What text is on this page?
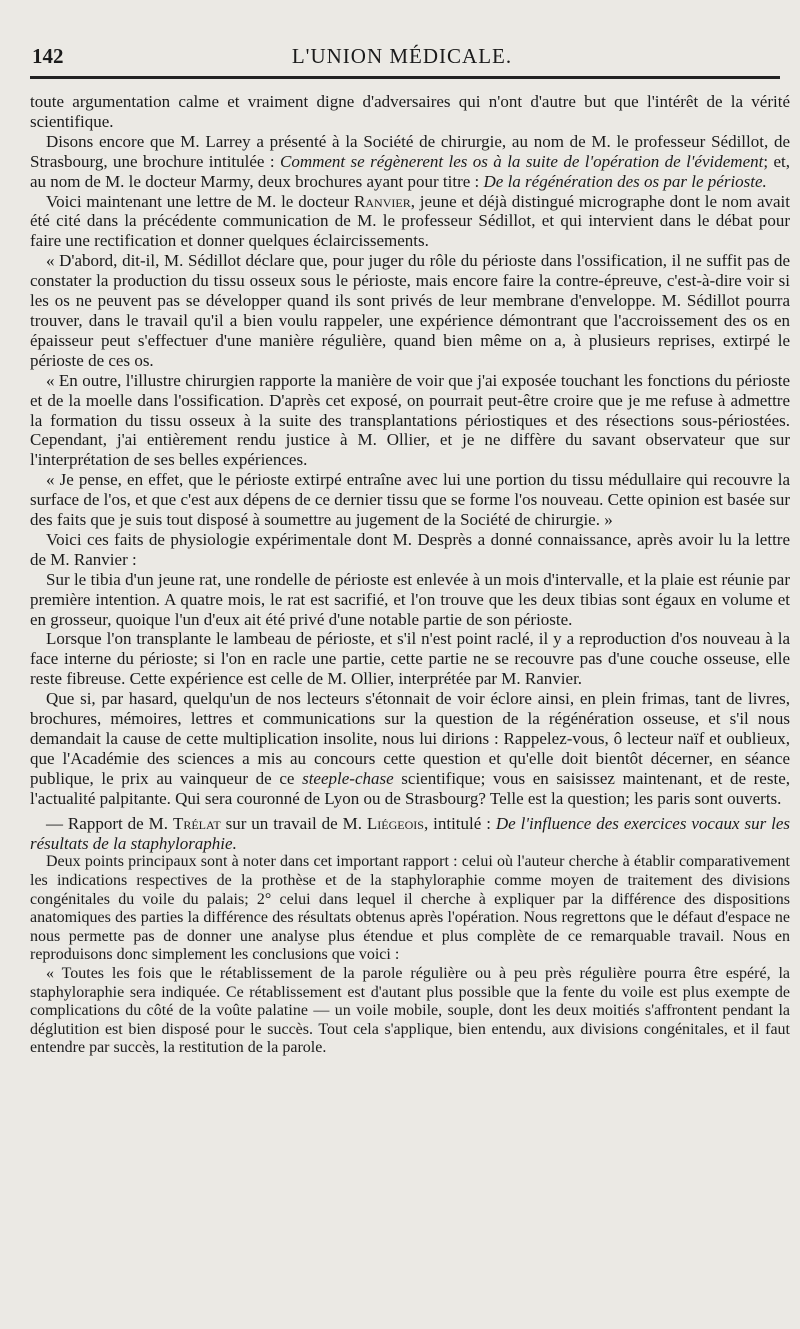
142	L'UNION MÉDICALE.

toute argumentation calme et vraiment digne d'adversaires qui n'ont d'autre but que l'intérêt de la vérité scientifique.

Disons encore que M. Larrey a présenté à la Société de chirurgie, au nom de M. le professeur Sédillot, de Strasbourg, une brochure intitulée : Comment se régènerent les os à la suite de l'opération de l'évidement; et, au nom de M. le docteur Marmy, deux brochures ayant pour titre : De la régénération des os par le périoste.

Voici maintenant une lettre de M. le docteur Ranvier, jeune et déjà distingué micrographe dont le nom avait été cité dans la précédente communication de M. le professeur Sédillot, et qui intervient dans le débat pour faire une rectification et donner quelques éclaircissements.

« D'abord, dit-il, M. Sédillot déclare que, pour juger du rôle du périoste dans l'ossification, il ne suffit pas de constater la production du tissu osseux sous le périoste, mais encore faire la contre-épreuve, c'est-à-dire voir si les os ne peuvent pas se développer quand ils sont privés de leur membrane d'enveloppe. M. Sédillot pourra trouver, dans le travail qu'il a bien voulu rappeler, une expérience démontrant que l'accroissement des os en épaisseur peut s'effectuer d'une manière régulière, quand bien même on a, à plusieurs reprises, extirpé le périoste de ces os.

« En outre, l'illustre chirurgien rapporte la manière de voir que j'ai exposée touchant les fonctions du périoste et de la moelle dans l'ossification. D'après cet exposé, on pourrait peut-être croire que je me refuse à admettre la formation du tissu osseux à la suite des transplantations périostiques et des résections sous-périostées. Cependant, j'ai entièrement rendu justice à M. Ollier, et je ne diffère du savant observateur que sur l'interprétation de ses belles expériences.

« Je pense, en effet, que le périoste extirpé entraîne avec lui une portion du tissu médullaire qui recouvre la surface de l'os, et que c'est aux dépens de ce dernier tissu que se forme l'os nouveau. Cette opinion est basée sur des faits que je suis tout disposé à soumettre au jugement de la Société de chirurgie. »

Voici ces faits de physiologie expérimentale dont M. Desprès a donné connaissance, après avoir lu la lettre de M. Ranvier :

Sur le tibia d'un jeune rat, une rondelle de périoste est enlevée à un mois d'intervalle, et la plaie est réunie par première intention. A quatre mois, le rat est sacrifié, et l'on trouve que les deux tibias sont égaux en volume et en grosseur, quoique l'un d'eux ait été privé d'une notable partie de son périoste.

Lorsque l'on transplante le lambeau de périoste, et s'il n'est point raclé, il y a reproduction d'os nouveau à la face interne du périoste; si l'on en racle une partie, cette partie ne se recouvre pas d'une couche osseuse, elle reste fibreuse. Cette expérience est celle de M. Ollier, interprétée par M. Ranvier.

Que si, par hasard, quelqu'un de nos lecteurs s'étonnait de voir éclore ainsi, en plein frimas, tant de livres, brochures, mémoires, lettres et communications sur la question de la régénération osseuse, et s'il nous demandait la cause de cette multiplication insolite, nous lui dirions : Rappelez-vous, ô lecteur naïf et oublieux, que l'Académie des sciences a mis au concours cette question et qu'elle doit bientôt décerner, en séance publique, le prix au vainqueur de ce steeple-chase scientifique; vous en saisissez maintenant, et de reste, l'actualité palpitante. Qui sera couronné de Lyon ou de Strasbourg? Telle est la question; les paris sont ouverts.

— Rapport de M. Trélat sur un travail de M. Liégeois, intitulé : De l'influence des exercices vocaux sur les résultats de la staphyloraphie.

Deux points principaux sont à noter dans cet important rapport : celui où l'auteur cherche à établir comparativement les indications respectives de la prothèse et de la staphyloraphie comme moyen de traitement des divisions congénitales du voile du palais; 2° celui dans lequel il cherche à expliquer par la différence des dispositions anatomiques des parties la différence des résultats obtenus après l'opération. Nous regrettons que le défaut d'espace ne nous permette pas de donner une analyse plus étendue et plus complète de ce remarquable travail. Nous en reproduisons donc simplement les conclusions que voici :

« Toutes les fois que le rétablissement de la parole régulière ou à peu près régulière pourra être espéré, la staphyloraphie sera indiquée. Ce rétablissement est d'autant plus possible que la fente du voile est plus exempte de complications du côté de la voûte palatine — un voile mobile, souple, dont les deux moitiés s'affrontent pendant la déglutition est bien disposé pour le succès. Tout cela s'applique, bien entendu, aux divisions congénitales, et il faut entendre par succès, la restitution de la parole.
